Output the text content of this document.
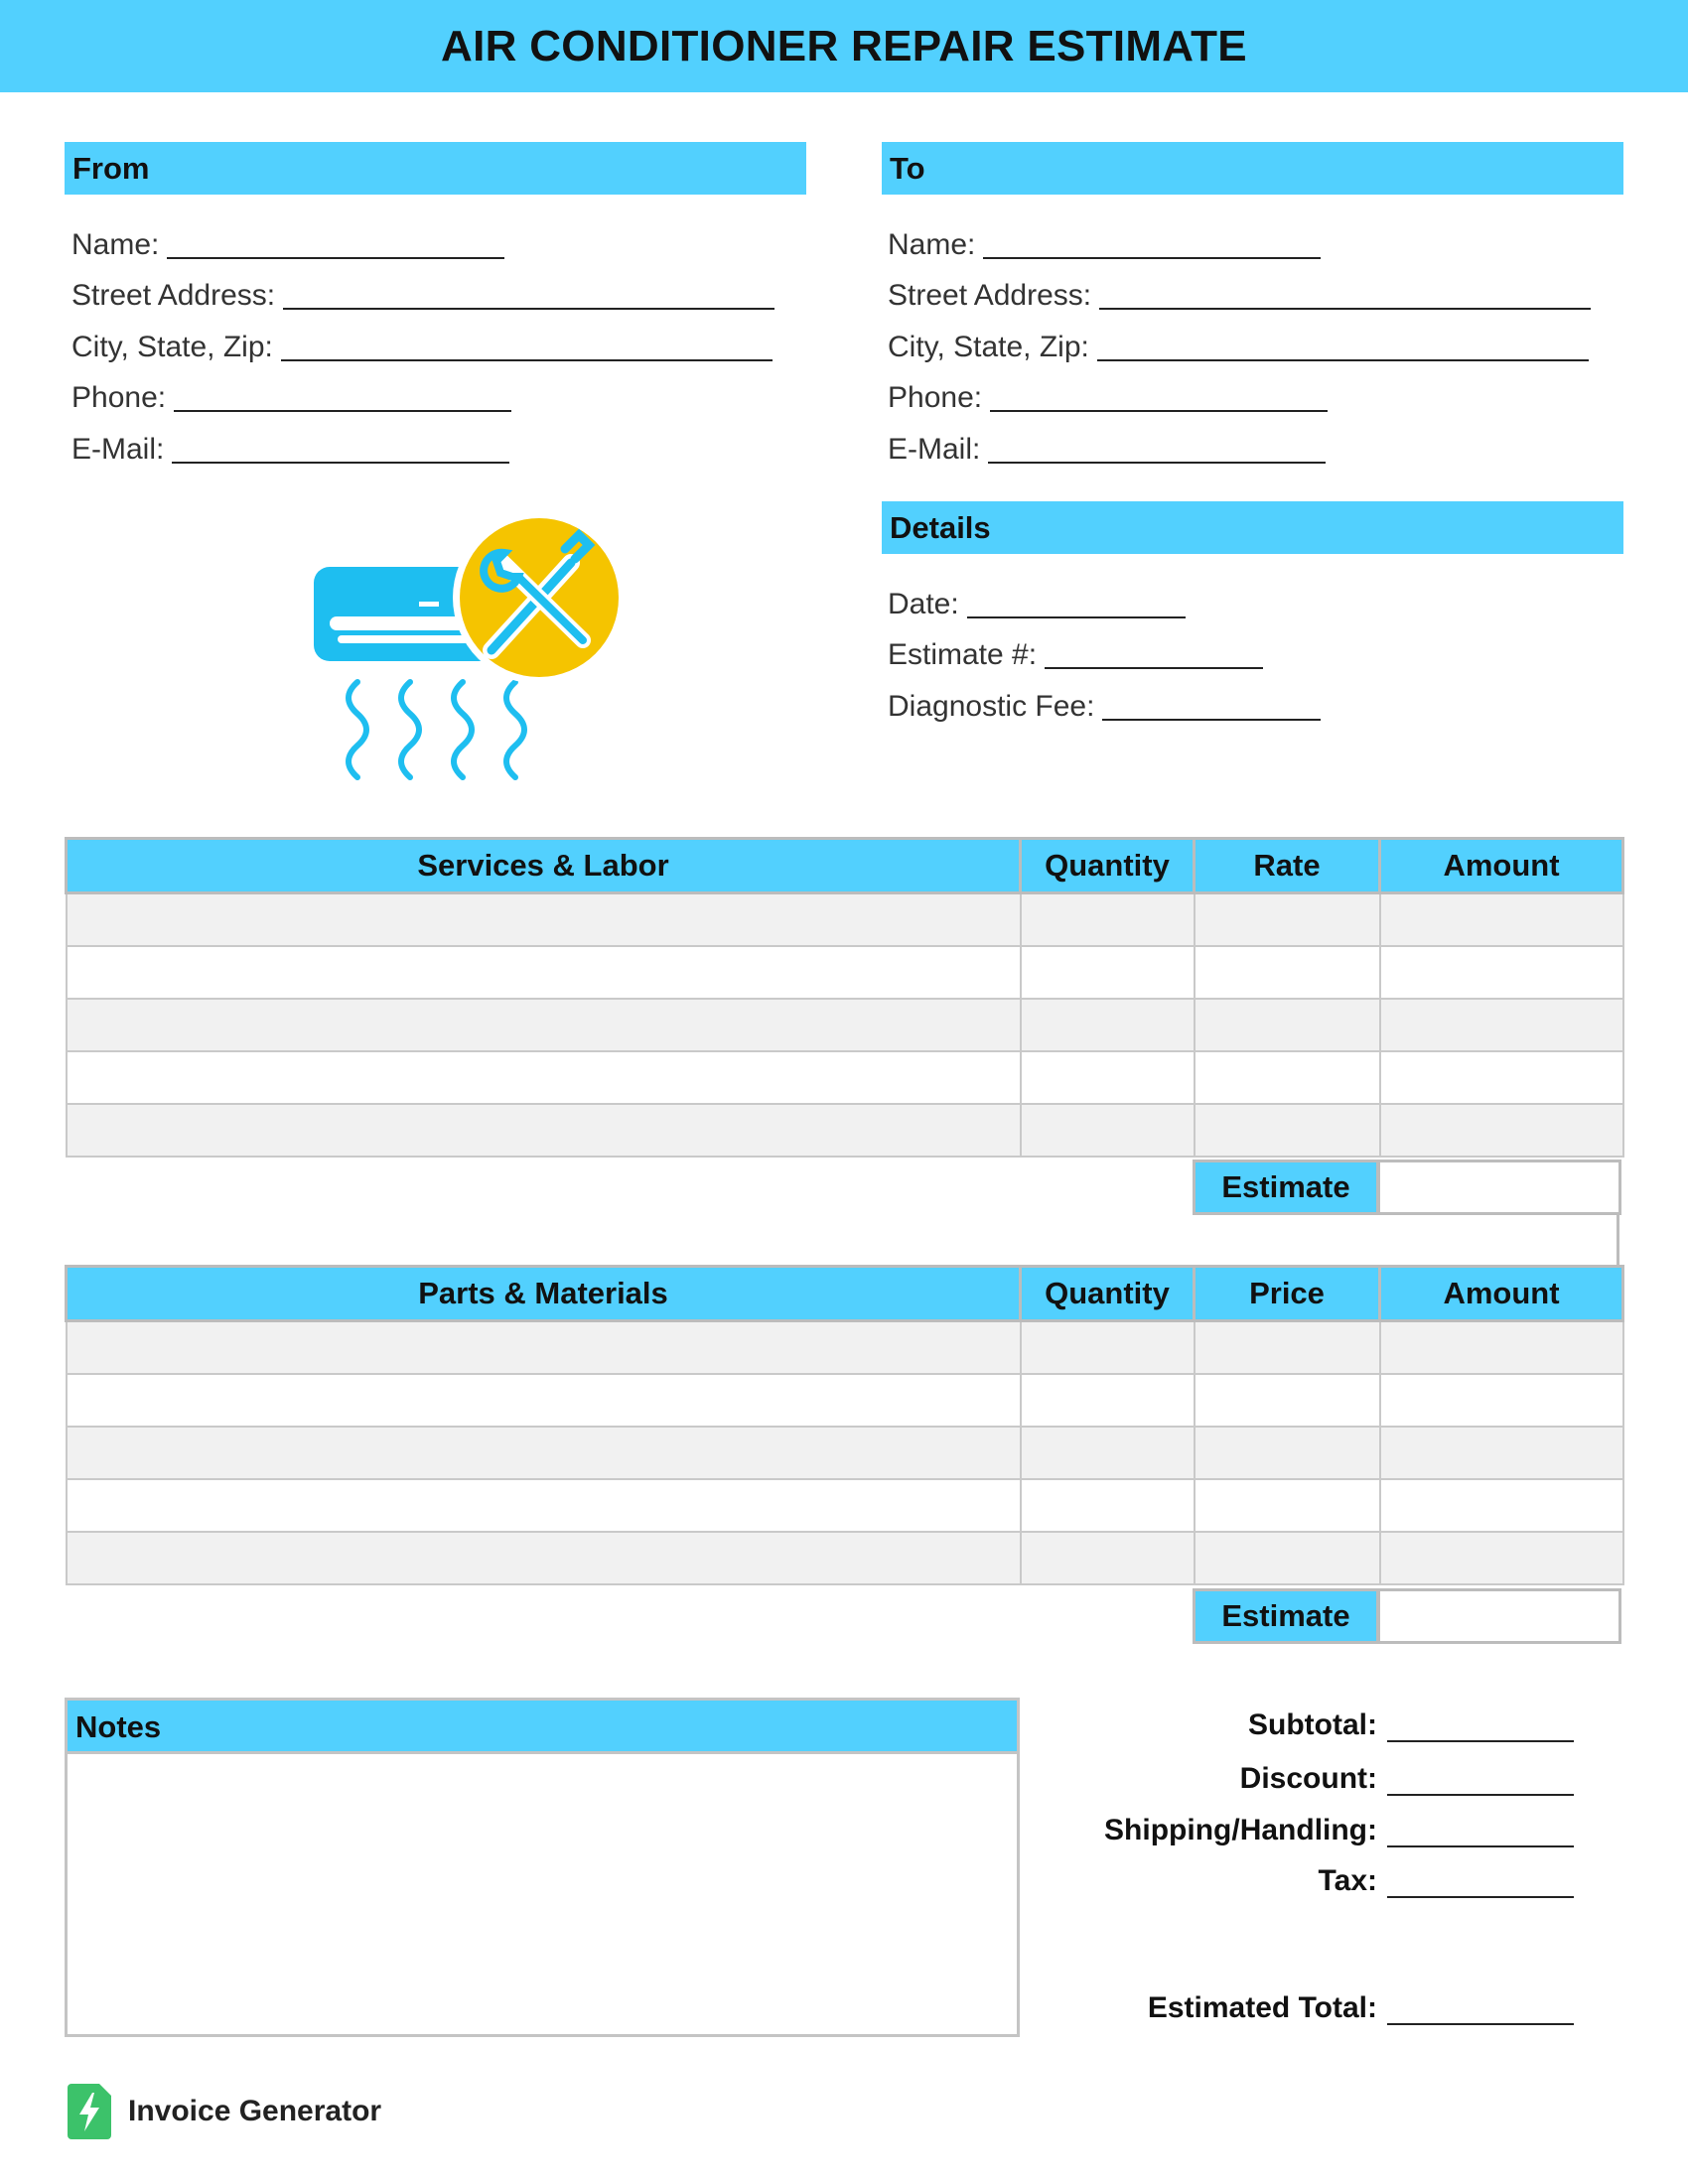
AIR CONDITIONER REPAIR ESTIMATE
From
Name:
Street Address:
City, State, Zip:
Phone:
E-Mail:
To
Name:
Street Address:
City, State, Zip:
Phone:
E-Mail:
Details
Date:
Estimate #:
Diagnostic Fee:
Services & Labor	Quantity	Rate	Amount

Estimate
Parts & Materials	Quantity	Price	Amount

Estimate
Notes	Subtotal:
Discount:
Shipping/Handling:
Tax:
Estimated Total:
Invoice Generator
